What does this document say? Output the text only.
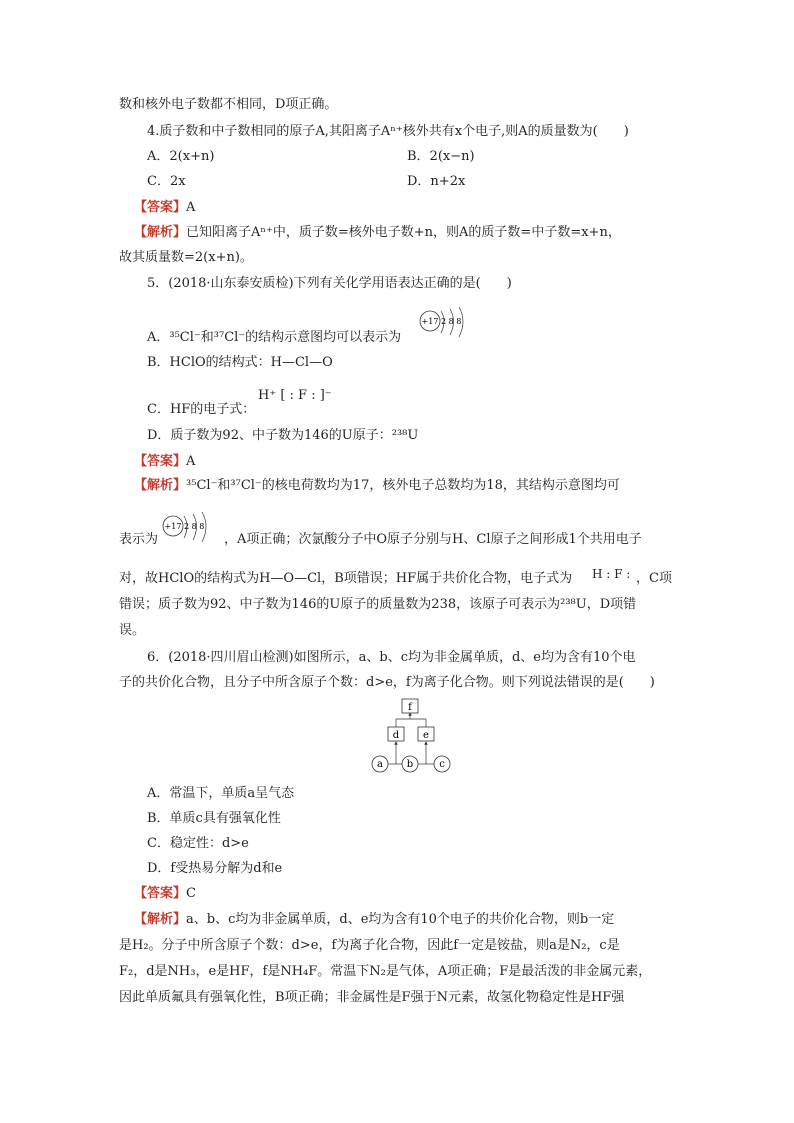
数和核外电子数都不相同，D项正确。
4.质子数和中子数相同的原子A,其阳离子Aⁿ⁺核外共有x个电子,则A的质量数为(　　)
A．2(x+n)	B．2(x−n)
C．2x	D．n+2x
【答案】A
【解析】已知阳离子Aⁿ⁺中，质子数=核外电子数+n，则A的质子数=中子数=x+n，
故其质量数=2(x+n)。
5．(2018·山东泰安质检)下列有关化学用语表达正确的是(　　)
+17 2 8 8
A．³⁵Cl⁻和³⁷Cl⁻的结构示意图均可以表示为
B．HClO的结构式：H—Cl—O
C．HF的电子式：
H⁺ [ : F : ]⁻
D．质子数为92、中子数为146的U原子：²³⁸U
【答案】A
【解析】³⁵Cl⁻和³⁷Cl⁻的核电荷数均为17，核外电子总数均为18，其结构示意图均可
表示为
+17 2 8 8
，A项正确；次氯酸分子中O原子分别与H、Cl原子之间形成1个共用电子
对，故HClO的结构式为H—O—Cl，B项错误；HF属于共价化合物，电子式为 H : F : ，C项
错误；质子数为92、中子数为146的U原子的质量数为238，该原子可表示为²³⁸U，D项错
误。
6．(2018·四川眉山检测)如图所示，a、b、c均为非金属单质，d、e均为含有10个电
子的共价化合物，且分子中所含原子个数：d>e，f为离子化合物。则下列说法错误的是(　　)
f
d e
a b	c
A．常温下，单质a呈气态
B．单质c具有强氧化性
C．稳定性：d>e
D．f受热易分解为d和e
【答案】C
【解析】a、b、c均为非金属单质，d、e均为含有10个电子的共价化合物，则b一定
是H₂。分子中所含原子个数：d>e，f为离子化合物，因此f一定是铵盐，则a是N₂，c是
F₂，d是NH₃，e是HF，f是NH₄F。常温下N₂是气体，A项正确；F是最活泼的非金属元素，
因此单质氟具有强氧化性，B项正确；非金属性是F强于N元素，故氢化物稳定性是HF强
